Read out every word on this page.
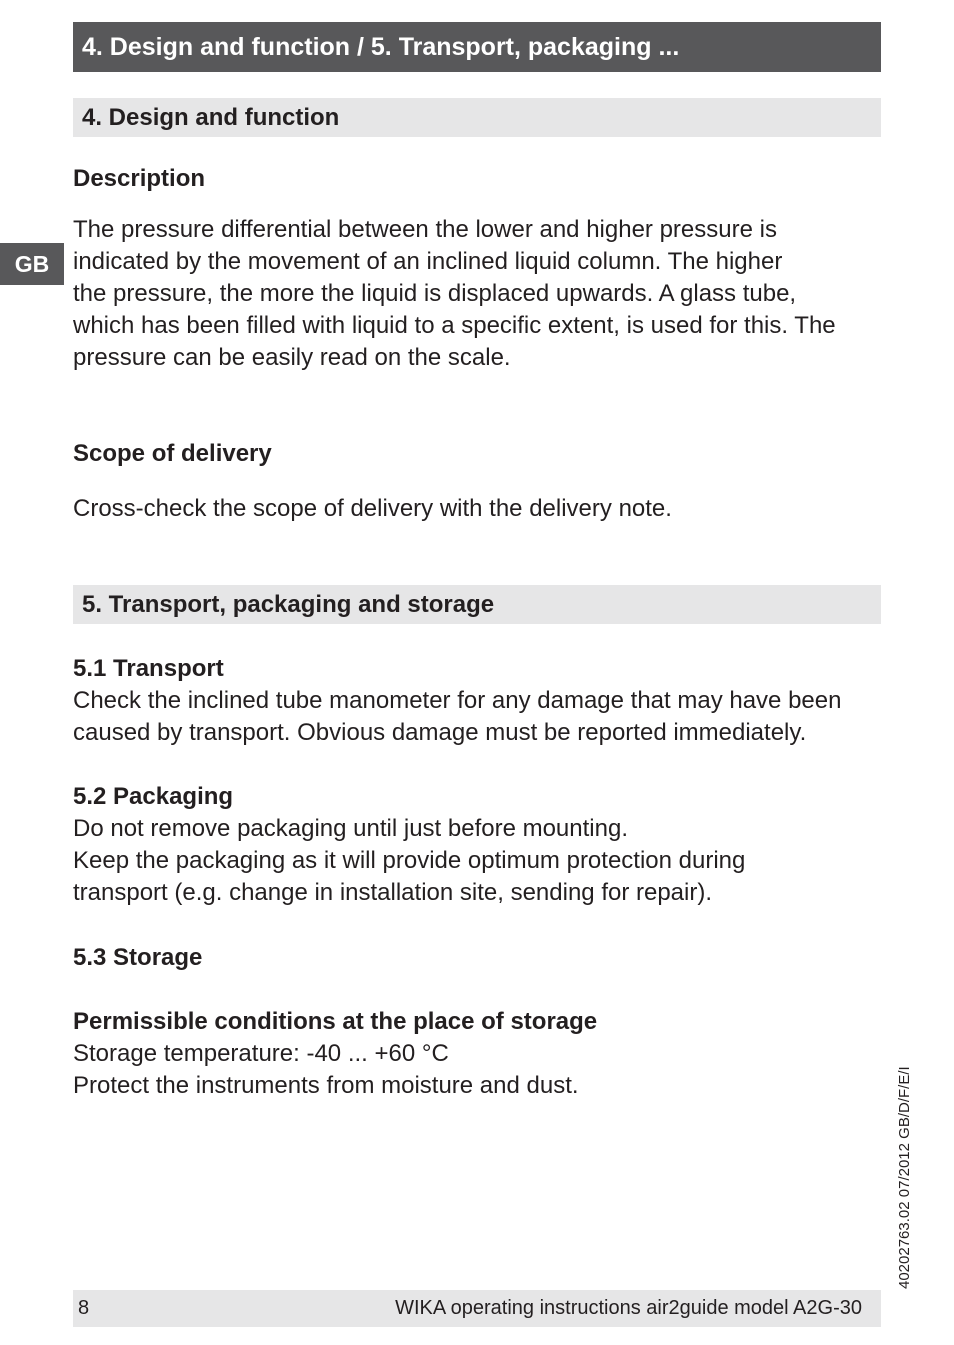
4. Design and function / 5. Transport, packaging ...
4. Design and function
GB
Description
The pressure differential between the lower and higher pressure is
indicated by the movement of an inclined liquid column. The higher
the pressure, the more the liquid is displaced upwards. A glass tube,
which has been filled with liquid to a specific extent, is used for this. The
pressure can be easily read on the scale.
Scope of delivery
Cross-check the scope of delivery with the delivery note.
5. Transport, packaging and storage
5.1 Transport
Check the inclined tube manometer for any damage that may have been
caused by transport. Obvious damage must be reported immediately.
5.2 Packaging
Do not remove packaging until just before mounting.
Keep the packaging as it will provide optimum protection during
transport (e.g. change in installation site, sending for repair).
5.3 Storage
Permissible conditions at the place of storage
Storage temperature: -40 ... +60 °C
Protect the instruments from moisture and dust.	40202763.02 07/2012 GB/D/F/E/I
8	WIKA operating instructions air2guide model A2G-30
